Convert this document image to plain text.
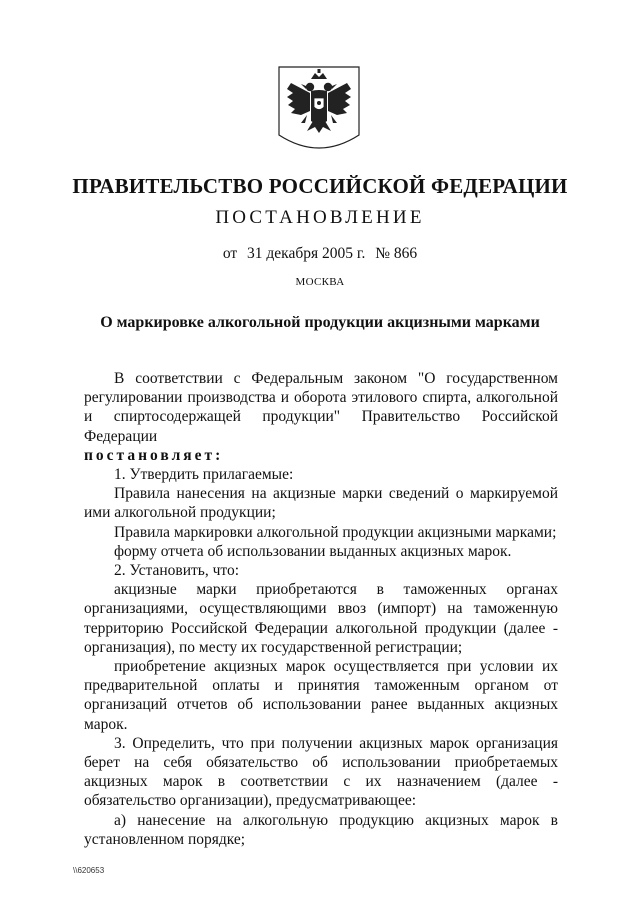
ПРАВИТЕЛЬСТВО РОССИЙСКОЙ ФЕДЕРАЦИИ
ПОСТАНОВЛЕНИЕ
от 31 декабря 2005 г. № 866
МОСКВА
О маркировке алкогольной продукции акцизными марками

В соответствии с Федеральным законом "О государственном регулировании производства и оборота этилового спирта, алкогольной и спиртосодержащей продукции" Правительство Российской Федерации

постановляет:

1. Утвердить прилагаемые:

Правила нанесения на акцизные марки сведений о маркируемой ими алкогольной продукции;

Правила маркировки алкогольной продукции акцизными марками;

форму отчета об использовании выданных акцизных марок.

2. Установить, что:

акцизные марки приобретаются в таможенных органах организациями, осуществляющими ввоз (импорт) на таможенную территорию Российской Федерации алкогольной продукции (далее - организация), по месту их государственной регистрации;

приобретение акцизных марок осуществляется при условии их предварительной оплаты и принятия таможенным органом от организаций отчетов об использовании ранее выданных акцизных марок.

3. Определить, что при получении акцизных марок организация берет на себя обязательство об использовании приобретаемых акцизных марок в соответствии с их назначением (далее - обязательство организации), предусматривающее:

а) нанесение на алкогольную продукцию акцизных марок в установленном порядке;

\\620653
